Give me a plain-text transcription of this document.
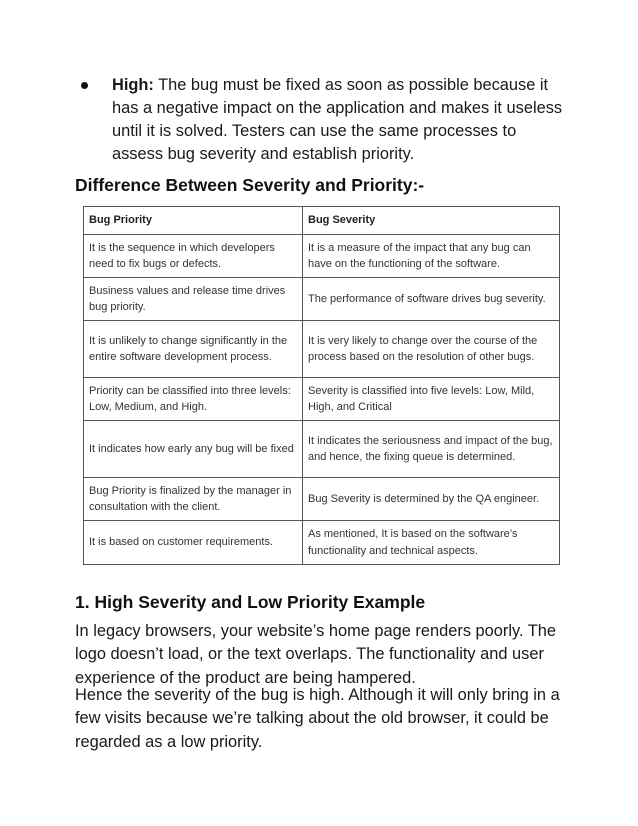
High: The bug must be fixed as soon as possible because it has a negative impact on the application and makes it useless until it is solved. Testers can use the same processes to assess bug severity and establish priority.
Difference Between Severity and Priority:-
Bug Priority	Bug Severity
It is the sequence in which developers need to fix bugs or defects.	It is a measure of the impact that any bug can have on the functioning of the software.
Business values and release time drives bug priority.	The performance of software drives bug severity.
It is unlikely to change significantly in the entire software development process.	It is very likely to change over the course of the process based on the resolution of other bugs.
Priority can be classified into three levels: Low, Medium, and High.	Severity is classified into five levels: Low, Mild, High, and Critical
It indicates how early any bug will be fixed	It indicates the seriousness and impact of the bug, and hence, the fixing queue is determined.
Bug Priority is finalized by the manager in consultation with the client.	Bug Severity is determined by the QA engineer.
It is based on customer requirements.	As mentioned, It is based on the software’s functionality and technical aspects.
1. High Severity and Low Priority Example
In legacy browsers, your website’s home page renders poorly. The logo doesn’t load, or the text overlaps. The functionality and user experience of the product are being hampered.
Hence the severity of the bug is high. Although it will only bring in a few visits because we’re talking about the old browser, it could be regarded as a low priority.
